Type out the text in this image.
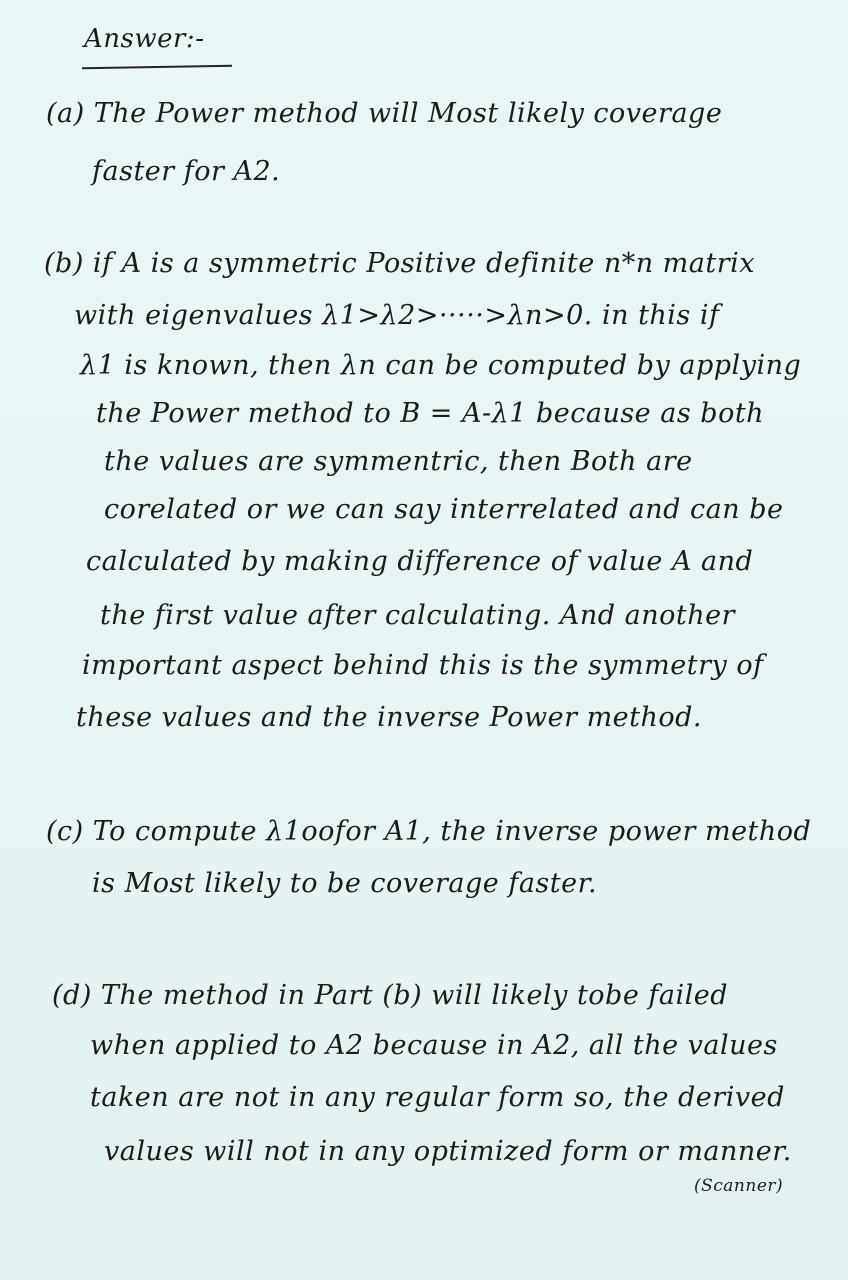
Answer:-
(a) The Power method will Most likely coverage
faster for A2.
(b) if A is a symmetric Positive definite n*n matrix
with eigenvalues λ1>λ2>·····>λn>0. in this if
λ1 is known, then λn can be computed by applying
the Power method to B = A-λ1 because as both
the values are symmentric, then Both are
corelated or we can say interrelated and can be
calculated by making difference of value A and
the first value after calculating. And another
important aspect behind this is the symmetry of
these values and the inverse Power method.
(c) To compute λ1oofor A1, the inverse power method
is Most likely to be coverage faster.
(d) The method in Part (b) will likely tobe failed
when applied to A2 because in A2, all the values
taken are not in any regular form so, the derived
values will not in any optimized form or manner.
(Scanner)
